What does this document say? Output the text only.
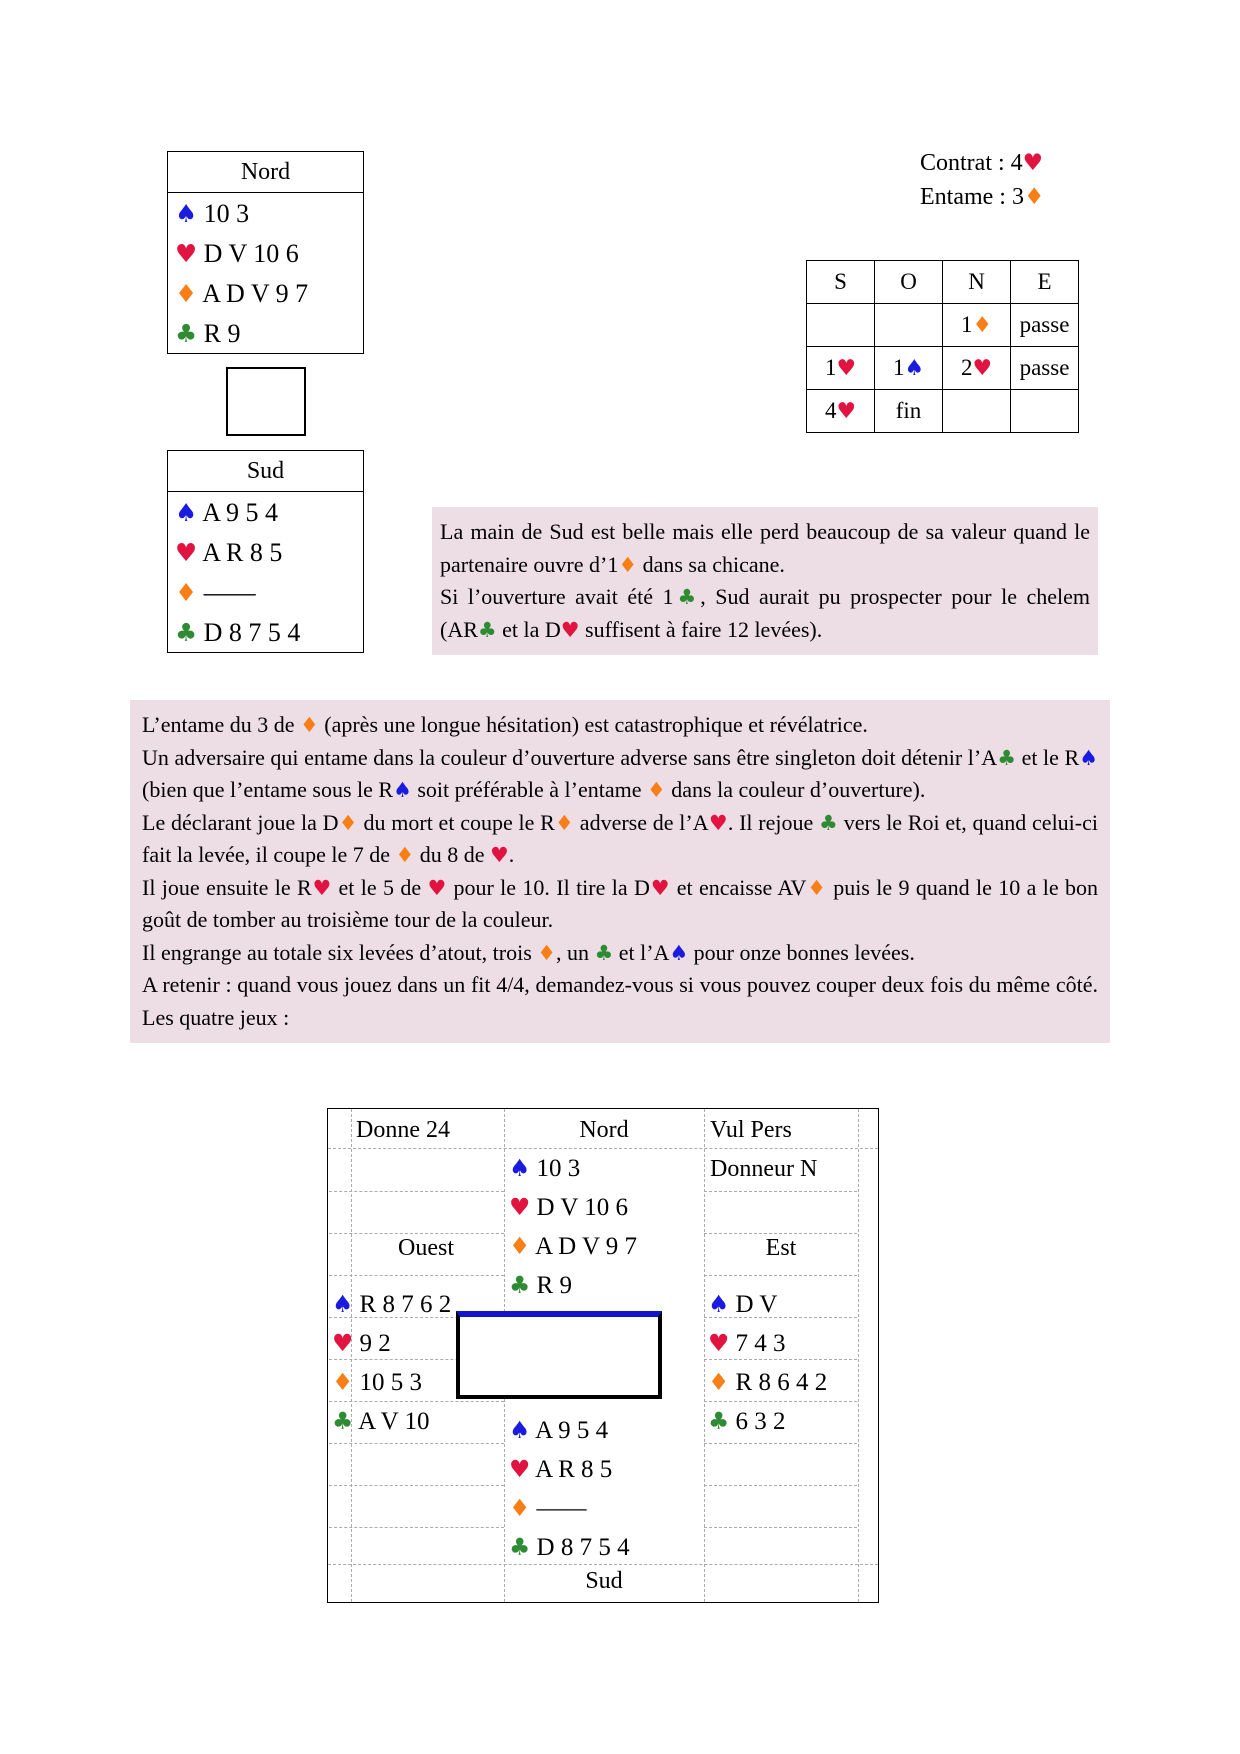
Nord
♠ 10 3
♥ D V 10 6
♦ A D V 9 7
♣ R 9
Sud
♠ A 9 5 4
♥ A R 8 5
♦ ——
♣ D 8 7 5 4
Contrat : 4♥
Entame : 3♦
S	O	N	E
		1♦	passe
1♥	1♠	2♥	passe
4♥	fin		

La main de Sud est belle mais elle perd beaucoup de sa valeur quand le partenaire ouvre d’1♦ dans sa chicane.

Si l’ouverture avait été 1♣, Sud aurait pu prospecter pour le chelem (AR♣ et la D♥ suffisent à faire 12 levées).

L’entame du 3 de ♦ (après une longue hésitation) est catastrophique et révélatrice.

Un adversaire qui entame dans la couleur d’ouverture adverse sans être singleton doit détenir l’A♣ et le R♠ (bien que l’entame sous le R♠ soit préférable à l’entame ♦ dans la couleur d’ouverture).

Le déclarant joue la D♦ du mort et coupe le R♦ adverse de l’A♥. Il rejoue ♣ vers le Roi et, quand celui-ci fait la levée, il coupe le 7 de ♦ du 8 de ♥.

Il joue ensuite le R♥ et le 5 de ♥ pour le 10. Il tire la D♥ et encaisse AV♦ puis le 9 quand le 10 a le bon goût de tomber au troisième tour de la couleur.

Il engrange au totale six levées d’atout, trois ♦, un ♣ et l’A♠ pour onze bonnes levées.

A retenir : quand vous jouez dans un fit 4/4, demandez-vous si vous pouvez couper deux fois du même côté. Les quatre jeux :

Donne 24	Nord	Vul Pers
Donneur N
Ouest	Est
Sud
♠ 10 3
♥ D V 10 6
♦ A D V 9 7
♣ R 9
♠ R 8 7 6 2
♥ 9 2
♦ 10 5 3
♣ A V 10
♠ D V
♥ 7 4 3
♦ R 8 6 4 2
♣ 6 3 2
♠ A 9 5 4
♥ A R 8 5
♦ ——
♣ D 8 7 5 4
